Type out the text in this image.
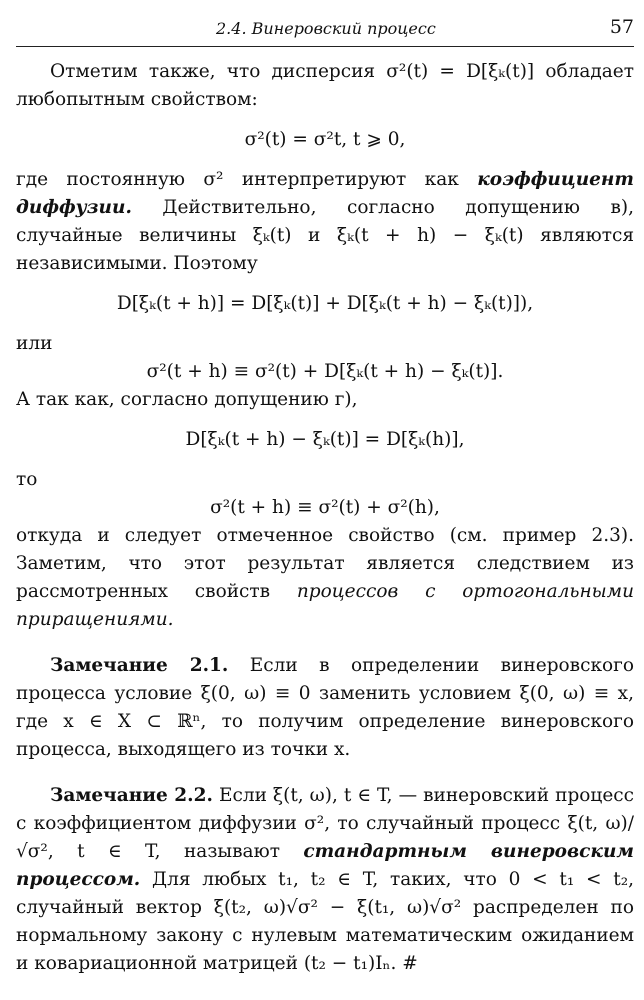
2.4. Винеровский процесс	57

Отметим также, что дисперсия σ²(t) = D[ξₖ(t)] обладает любопытным свойством:

σ²(t) = σ²t, t ⩾ 0,

где постоянную σ² интерпретируют как коэффициент диффузии. Действительно, согласно допущению в), случайные величины ξₖ(t) и ξₖ(t + h) − ξₖ(t) являются независимыми. Поэтому

D[ξₖ(t + h)] = D[ξₖ(t)] + D[ξₖ(t + h) − ξₖ(t)]),

или

σ²(t + h) ≡ σ²(t) + D[ξₖ(t + h) − ξₖ(t)].

А так как, согласно допущению г),

D[ξₖ(t + h) − ξₖ(t)] = D[ξₖ(h)],

то

σ²(t + h) ≡ σ²(t) + σ²(h),

откуда и следует отмеченное свойство (см. пример 2.3). Заметим, что этот результат является следствием из рассмотренных свойств процессов с ортогональными приращениями.

Замечание 2.1. Если в определении винеровского процесса условие ξ(0, ω) ≡ 0 заменить условием ξ(0, ω) ≡ x, где x ∈ X ⊂ ℝⁿ, то получим определение винеровского процесса, выходящего из точки x.

Замечание 2.2. Если ξ(t, ω), t ∈ T, — винеровский процесс с коэффициентом диффузии σ², то случайный процесс ξ(t, ω)/√σ², t ∈ T, называют стандартным винеровским процессом. Для любых t₁, t₂ ∈ T, таких, что 0 < t₁ < t₂, случайный вектор ξ(t₂, ω)√σ² − ξ(t₁, ω)√σ² распределен по нормальному закону с нулевым математическим ожиданием и ковариационной матрицей (t₂ − t₁)Iₙ. #
